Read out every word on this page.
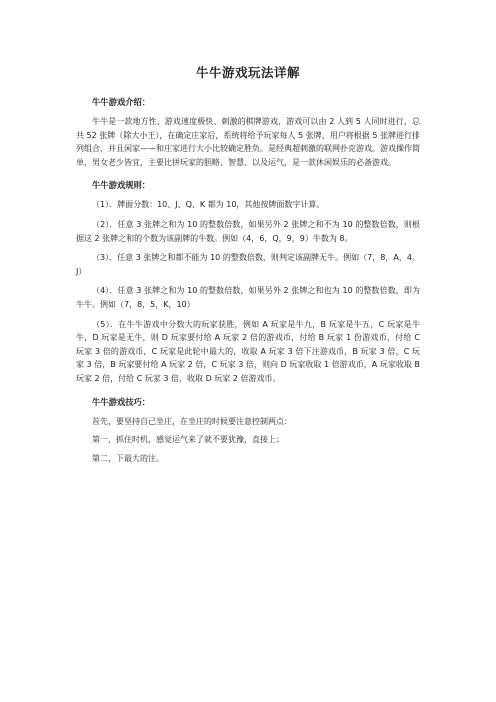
牛牛游戏玩法详解
牛牛游戏介绍：

牛牛是一款地方性、游戏速度极快、刺激的棋牌游戏，游戏可以由 2 人到 5 人同时进行，总共 52 张牌（除大小王），在确定庄家后，系统将给予玩家每人 5 张牌，用户将根据 5 张牌进行排列组合，并且闲家——和庄家进行大小比较确定胜负。是经典超刺激的联网扑克游戏。游戏操作简单，男女老少皆宜，主要比拼玩家的胆略、智慧、以及运气，是一款休闲娱乐的必备游戏。

牛牛游戏规则：

（1）．牌面分数：10、J、Q、K 都为 10，其他按牌面数字计算。

（2）．任意 3 张牌之和为 10 的整数倍数，如果另外 2 张牌之和不为 10 的整数倍数，则根据这 2 张牌之和的个数为该副牌的牛数。例如（4，6，Q，9，9）牛数为 8。

（3）．任意 3 张牌之和都不能为 10 的整数倍数，则判定该副牌无牛。例如（7，8，A，4。J）

（4）．任意 3 张牌之和为 10 的整数倍数，如果另外 2 张牌之和也为 10 的整数倍数，即为牛牛。例如（7，8，5，K，10）

（5）．在牛牛游戏中分数大的玩家获胜，例如 A 玩家是牛九，B 玩家是牛五，C 玩家是牛牛，D 玩家是无牛，则 D 玩家要付给 A 玩家 2 倍的游戏币，付给 B 玩家 1 份游戏币，付给 C 玩家 3 倍的游戏币，C 玩家是此轮中最大的，收取 A 玩家 3 倍下注游戏币，B 玩家 3 倍，C 玩家 3 倍，B 玩家要付给 A 玩家 2 倍，C 玩家 3 倍，则向 D 玩家收取 1 倍游戏币，A 玩家收取 B 玩家 2 倍，付给 C 玩家 3 倍，收取 D 玩家 2 倍游戏币。

牛牛游戏技巧：

首先，要坚持自己坐庄，在坐庄的时候要注意控制两点：

第一，抓住时机，感觉运气来了就不要犹豫，直接上；

第二，下最大的注。
